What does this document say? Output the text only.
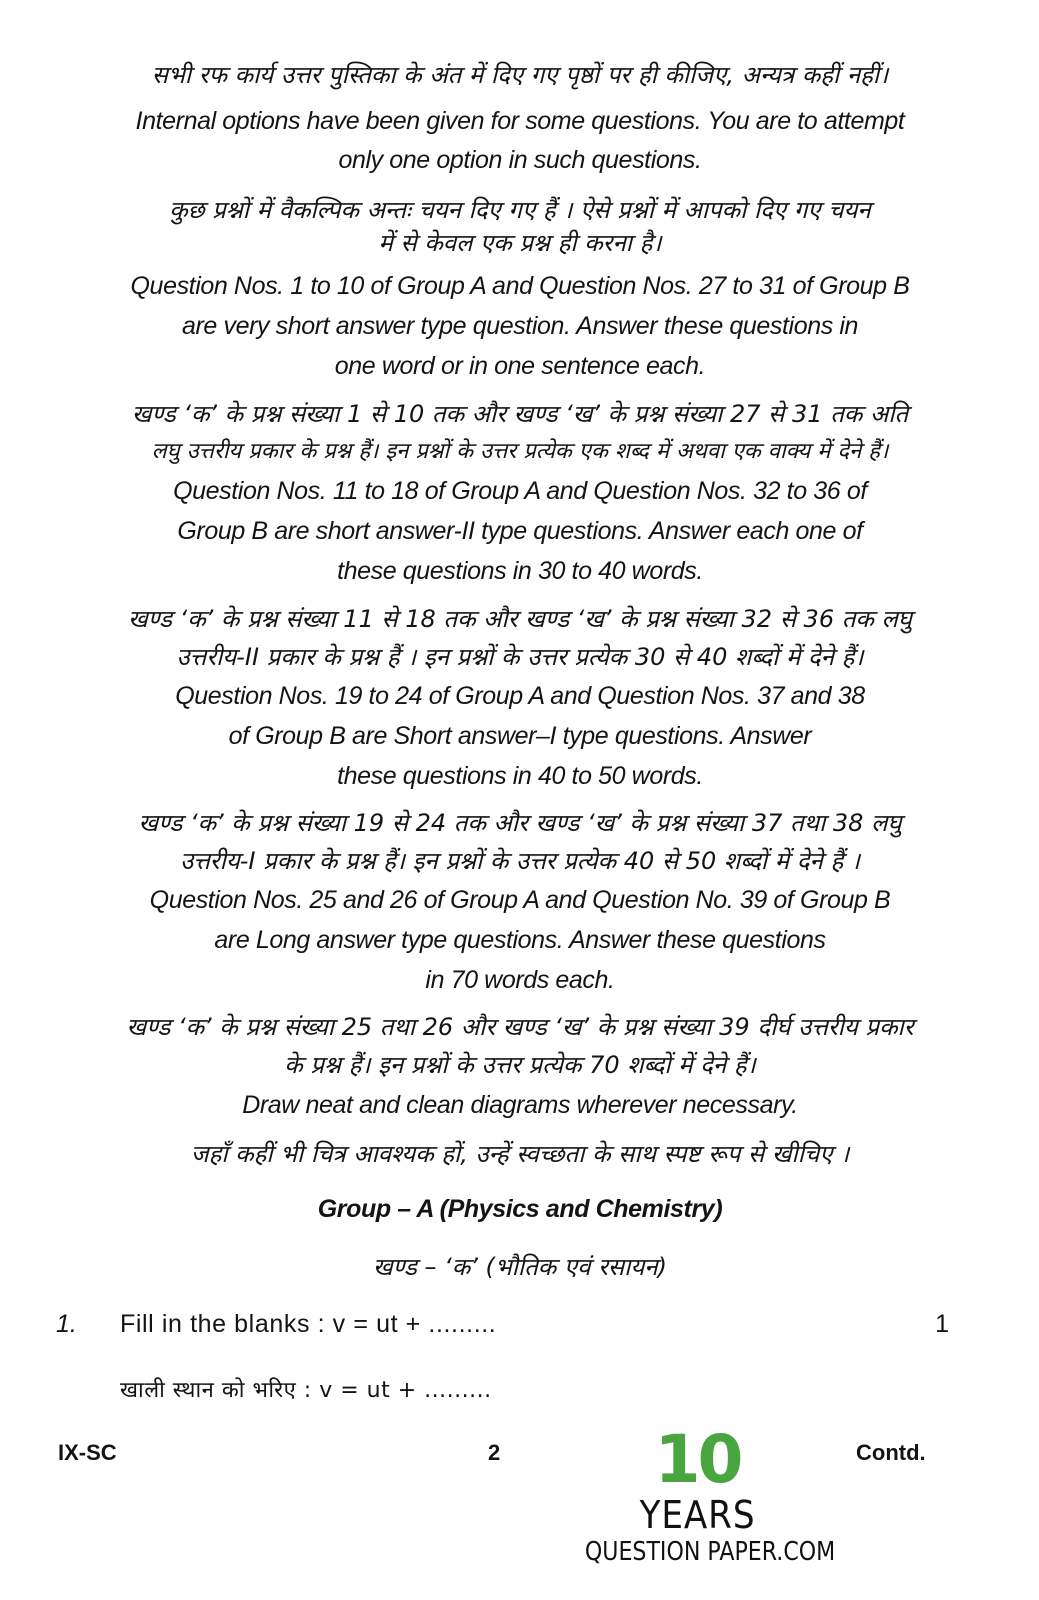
सभी रफ कार्य उत्तर पुस्तिका के अंत में दिए गए पृष्ठों पर ही कीजिए, अन्यत्र कहीं नहीं।
Internal options have been given for some questions. You are to attempt
only one option in such questions.
कुछ प्रश्नों में वैकल्पिक अन्तः चयन दिए गए हैं । ऐसे प्रश्नों में आपको दिए गए चयन
में से केवल एक प्रश्न ही करना है।
Question Nos. 1 to 10 of Group A and Question Nos. 27 to 31 of Group B
are very short answer type question. Answer these questions in
one word or in one sentence each.
खण्ड ‘क’ के प्रश्न संख्या 1 से 10 तक और खण्ड ‘ख’ के प्रश्न संख्या 27 से 31 तक अति
लघु उत्तरीय प्रकार के प्रश्न हैं। इन प्रश्नों के उत्तर प्रत्येक एक शब्द में अथवा एक वाक्य में देने हैं।
Question Nos. 11 to 18 of Group A and Question Nos. 32 to 36 of
Group B are short answer-II type questions. Answer each one of
these questions in 30 to 40 words.
खण्ड ‘क’ के प्रश्न संख्या 11 से 18 तक और खण्ड ‘ख’ के प्रश्न संख्या 32 से 36 तक लघु
उत्तरीय-II प्रकार के प्रश्न हैं । इन प्रश्नों के उत्तर प्रत्येक 30 से 40 शब्दों में देने हैं।
Question Nos. 19 to 24 of Group A and Question Nos. 37 and 38
of Group B are Short answer–I type questions. Answer
these questions in 40 to 50 words.
खण्ड ‘क’ के प्रश्न संख्या 19 से 24 तक और खण्ड ‘ख’ के प्रश्न संख्या 37 तथा 38 लघु
उत्तरीय-I प्रकार के प्रश्न हैं। इन प्रश्नों के उत्तर प्रत्येक 40 से 50 शब्दों में देने हैं ।
Question Nos. 25 and 26 of Group A and Question No. 39 of Group B
are Long answer type questions. Answer these questions
in 70 words each.
खण्ड ‘क’ के प्रश्न संख्या 25 तथा 26 और खण्ड ‘ख’ के प्रश्न संख्या 39 दीर्घ उत्तरीय प्रकार
के प्रश्न हैं। इन प्रश्नों के उत्तर प्रत्येक 70 शब्दों में देने हैं।
Draw neat and clean diagrams wherever necessary.
जहाँ कहीं भी चित्र आवश्यक हों, उन्हें स्वच्छता के साथ स्पष्ट रूप से खीचिए ।
Group – A (Physics and Chemistry)
खण्ड – ‘क’ (भौतिक एवं रसायन)
1. Fill in the blanks : v = ut + .........	1
खाली स्थान को भरिए : v = ut + .........
IX-SC	2	Contd.
10
YEARS
QUESTION PAPER.COM
